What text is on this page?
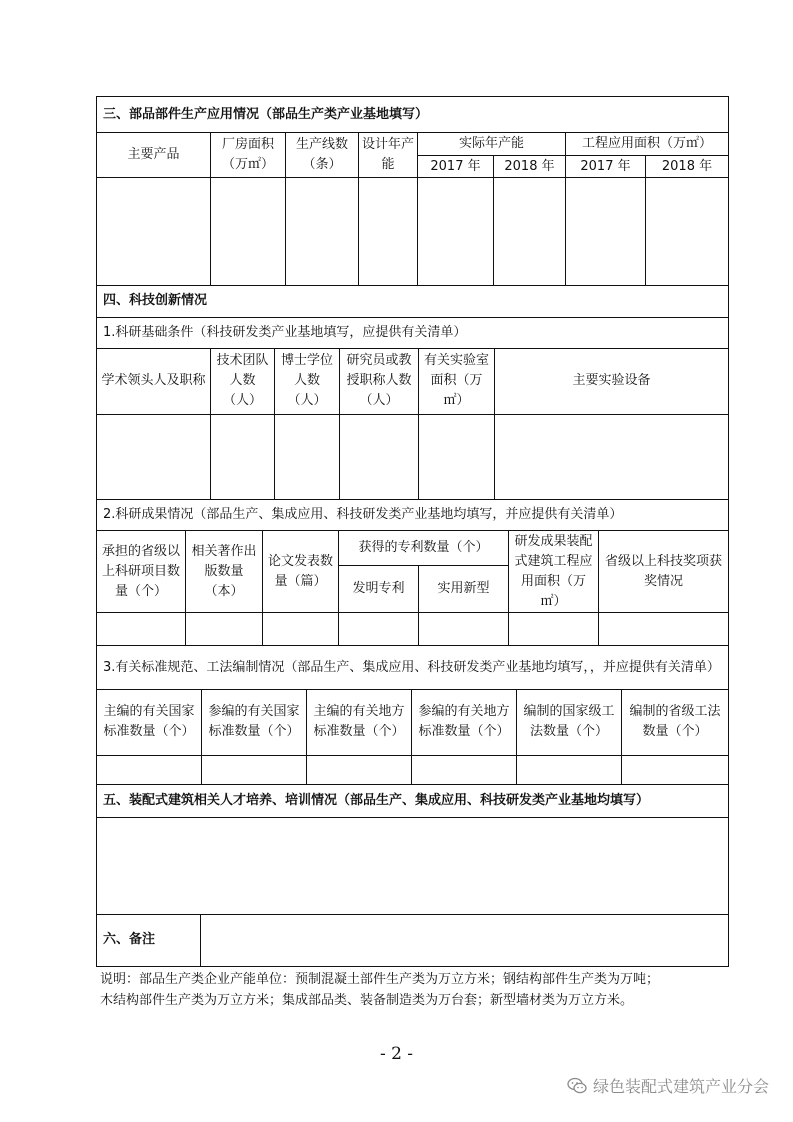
三、部品部件生产应用情况（部品生产类产业基地填写）							
主要产品	厂房面积（万㎡）	生产线数（条）	设计年产能	实际年产能		工程应用面积（万㎡）	
				2017 年	2018 年	2017 年	2018 年

四、科技创新情况					
1.科研基础条件（科技研发类产业基地填写，应提供有关清单）					
学术领头人及职称	技术团队人数（人）	博士学位人数（人）	研究员或教授职称人数（人）	有关实验室面积（万㎡）	主要实验设备

2.科研成果情况（部品生产、集成应用、科技研发类产业基地均填写，并应提供有关清单）						
承担的省级以上科研项目数量（个）	相关著作出版数量（本）	论文发表数量（篇）	获得的专利数量（个）		研发成果装配式建筑工程应用面积（万㎡）	省级以上科技奖项获奖情况
			发明专利	实用新型		

3.有关标准规范、工法编制情况（部品生产、集成应用、科技研发类产业基地均填写，，并应提供有关清单）					
主编的有关国家标准数量（个）	参编的有关国家标准数量（个）	主编的有关地方标准数量（个）	参编的有关地方标准数量（个）	编制的国家级工法数量（个）	编制的省级工法数量（个）

五、装配式建筑相关人才培养、培训情况（部品生产、集成应用、科技研发类产业基地均填写）

六、备注	
说明：部品生产类企业产能单位：预制混凝土部件生产类为万立方米；钢结构部件生产类为万吨；
木结构部件生产类为万立方米；集成部品类、装备制造类为万台套；新型墙材类为万立方米。
- 2 -
绿色装配式建筑产业分会
